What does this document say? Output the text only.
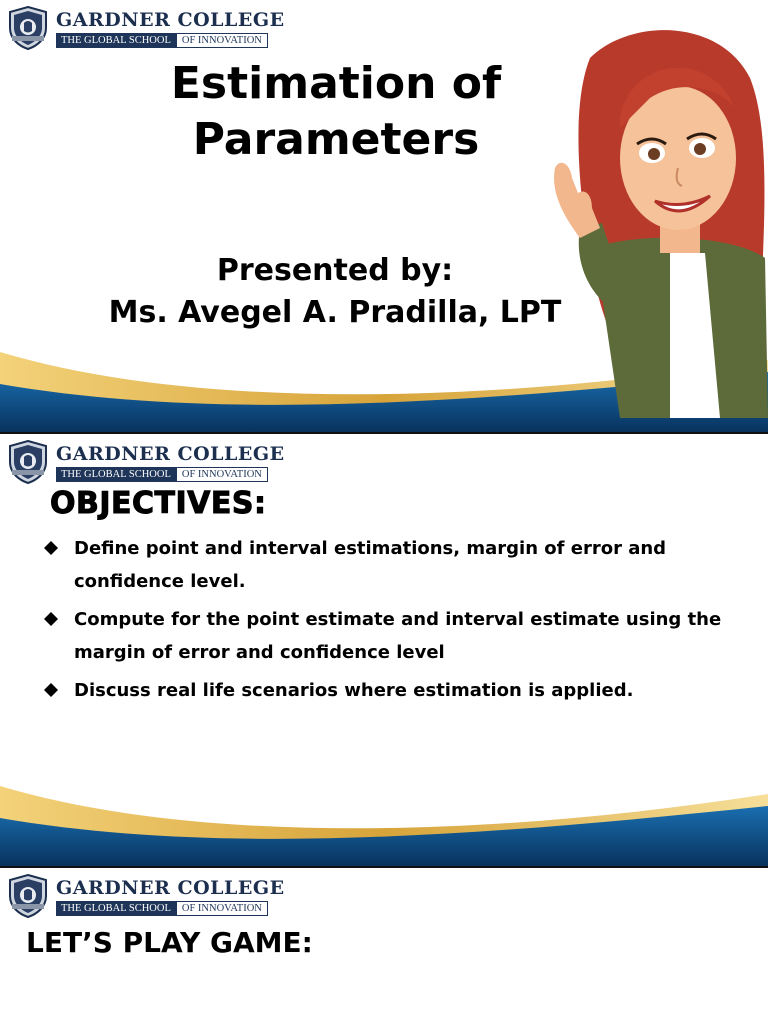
GARDNER COLLEGE
THE GLOBAL SCHOOL	OF INNOVATION
Estimation of Parameters
Presented by:
Ms. Avegel A. Pradilla, LPT
GARDNER COLLEGE
THE GLOBAL SCHOOL	OF INNOVATION
OBJECTIVES:
Define point and interval estimations, margin of error and confidence level.
Compute for the point estimate and interval estimate using the margin of error and confidence level
Discuss real life scenarios where estimation is applied.
GARDNER COLLEGE
THE GLOBAL SCHOOL	OF INNOVATION
LET’S PLAY GAME:
